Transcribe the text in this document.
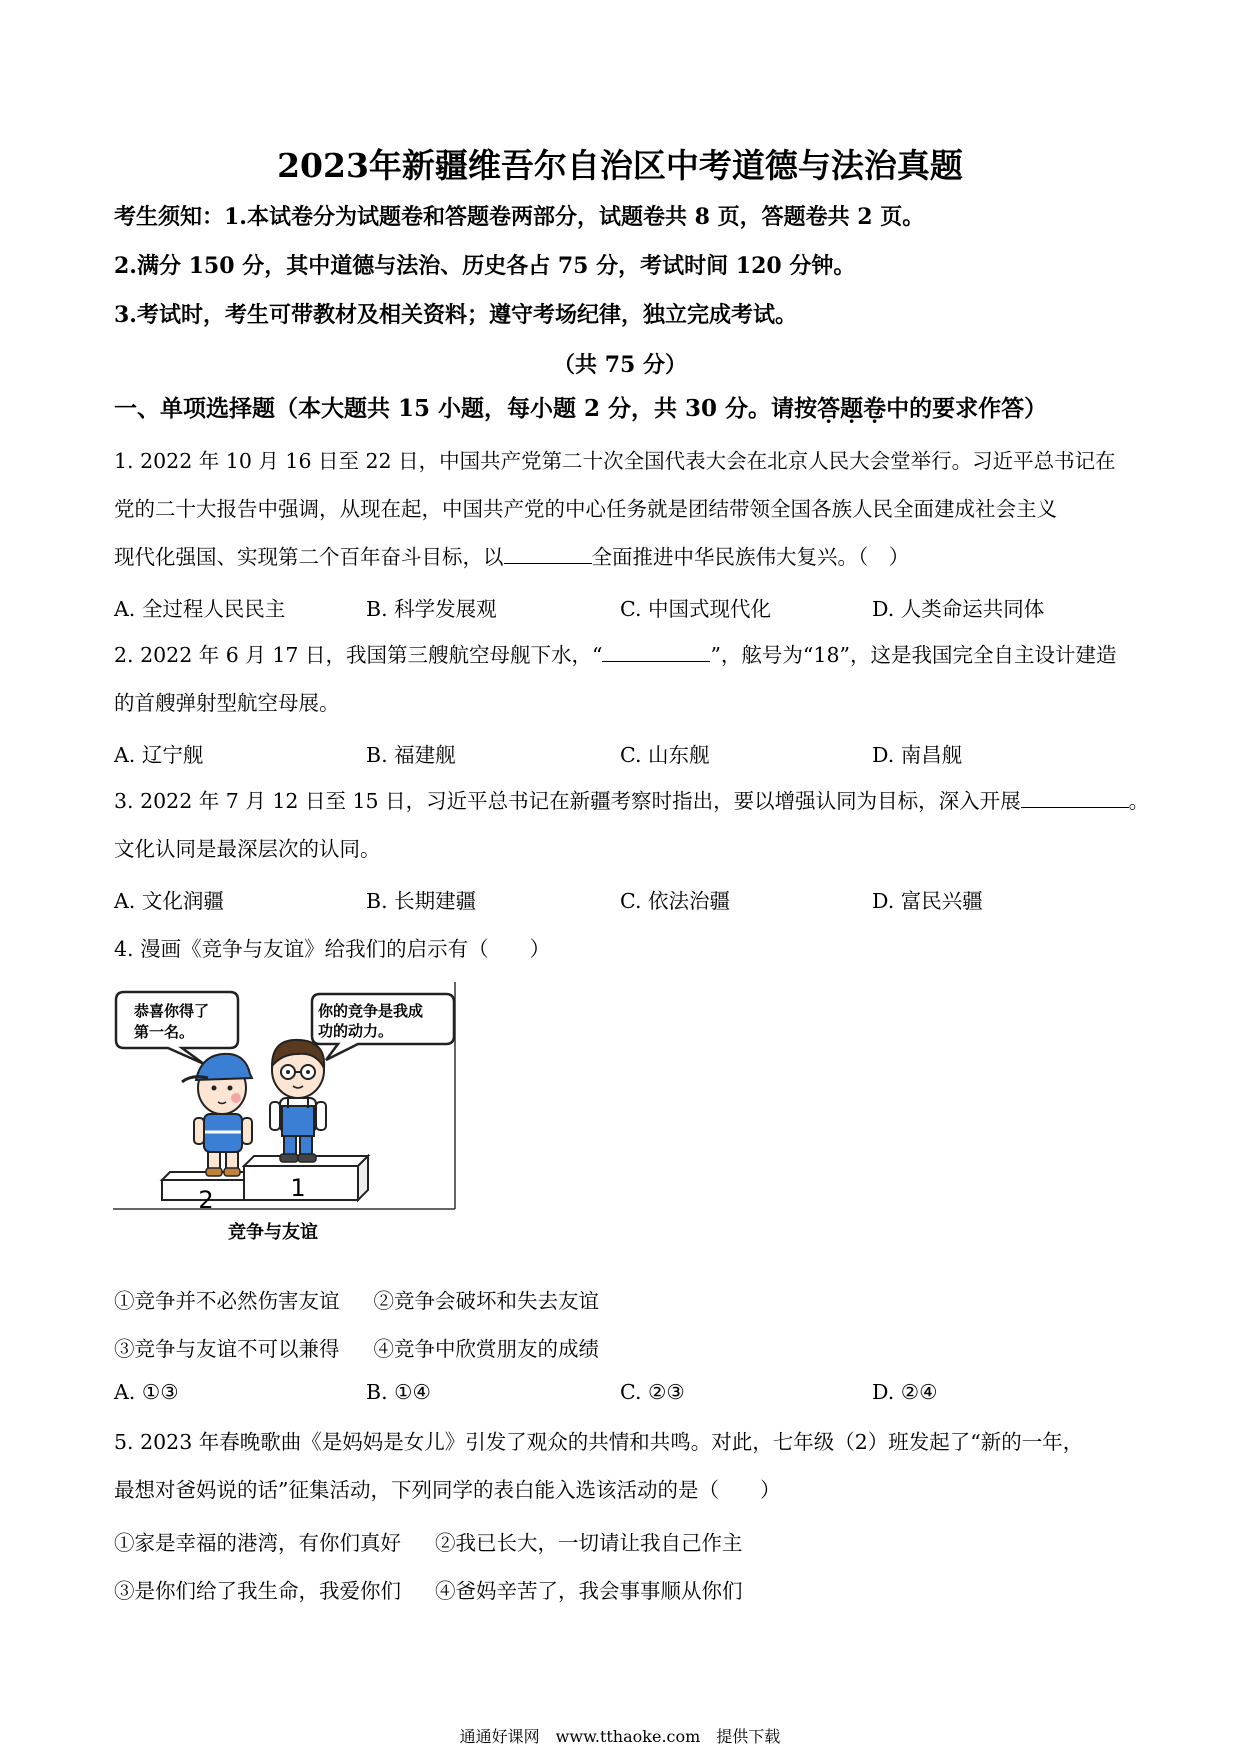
2023年新疆维吾尔自治区中考道德与法治真题
考生须知：1.本试卷分为试题卷和答题卷两部分，试题卷共 8 页，答题卷共 2 页。
2.满分 150 分，其中道德与法治、历史各占 75 分，考试时间 120 分钟。
3.考试时，考生可带教材及相关资料；遵守考场纪律，独立完成考试。
（共 75 分）
一、单项选择题（本大题共 15 小题，每小题 2 分，共 30 分。请按答题卷中的要求作答）
1. 2022 年 10 月 16 日至 22 日，中国共产党第二十次全国代表大会在北京人民大会堂举行。习近平总书记在
党的二十大报告中强调，从现在起，中国共产党的中心任务就是团结带领全国各族人民全面建成社会主义
现代化强国、实现第二个百年奋斗目标，以	全面推进中华民族伟大复兴。（　）
A. 全过程人民民主	B. 科学发展观	C. 中国式现代化	D. 人类命运共同体
2. 2022 年 6 月 17 日，我国第三艘航空母舰下水，“	”，舷号为“18”，这是我国完全自主设计建造
的首艘弹射型航空母展。
A. 辽宁舰	B. 福建舰	C. 山东舰	D. 南昌舰
3. 2022 年 7 月 12 日至 15 日，习近平总书记在新疆考察时指出，要以增强认同为目标，深入开展	。
文化认同是最深层次的认同。
A. 文化润疆	B. 长期建疆	C. 依法治疆	D. 富民兴疆
4. 漫画《竞争与友谊》给我们的启示有（　　）
恭喜你得了
第一名。
你的竞争是我成
功的动力。
2	1
竞争与友谊
①竞争并不必然伤害友谊 ②竞争会破坏和失去友谊
③竞争与友谊不可以兼得 ④竞争中欣赏朋友的成绩
A. ①③	B. ①④	C. ②③	D. ②④
5. 2023 年春晚歌曲《是妈妈是女儿》引发了观众的共情和共鸣。对此，七年级（2）班发起了“新的一年，
最想对爸妈说的话”征集活动，下列同学的表白能入选该活动的是（　　）
①家是幸福的港湾，有你们真好 ②我已长大，一切请让我自己作主
③是你们给了我生命，我爱你们 ④爸妈辛苦了，我会事事顺从你们
通通好课网　www.tthaoke.com　提供下载
